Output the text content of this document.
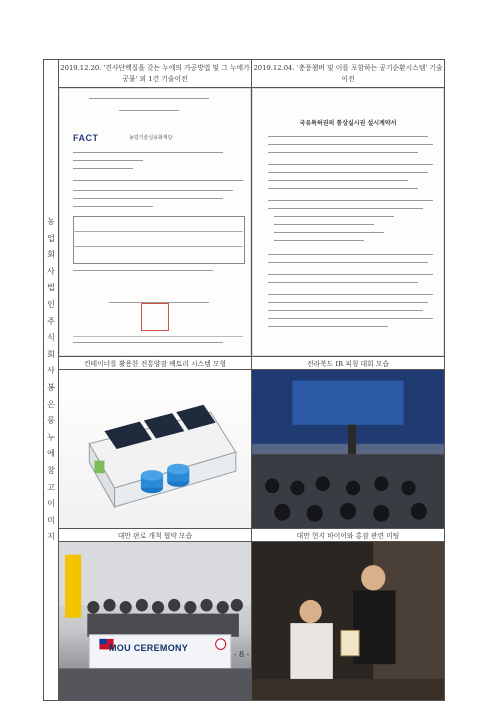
농업회사법인주식회사봉은풍누에참고이미지	2019.12.20. '견사단백질을 갖는 누에의 가공방법 및 그 누에가공물' 외 1건 기술이전	2019.12.04. '충풍챔버 및 이를 포함하는 공기순환시스템' 기술이전

	FACT 농업기술실용화재단	국유특허권의 통상실시권 설시계약서

	컨테이너를 활용한 전통양잠 팩토리 시스템 모형	전라북도 IR 피칭 대회 모습

	대만 판로 개척 협약 모습	대만 현지 바이어와 홍잠 관련 미팅

	MOU CEREMONY

- 8 -
